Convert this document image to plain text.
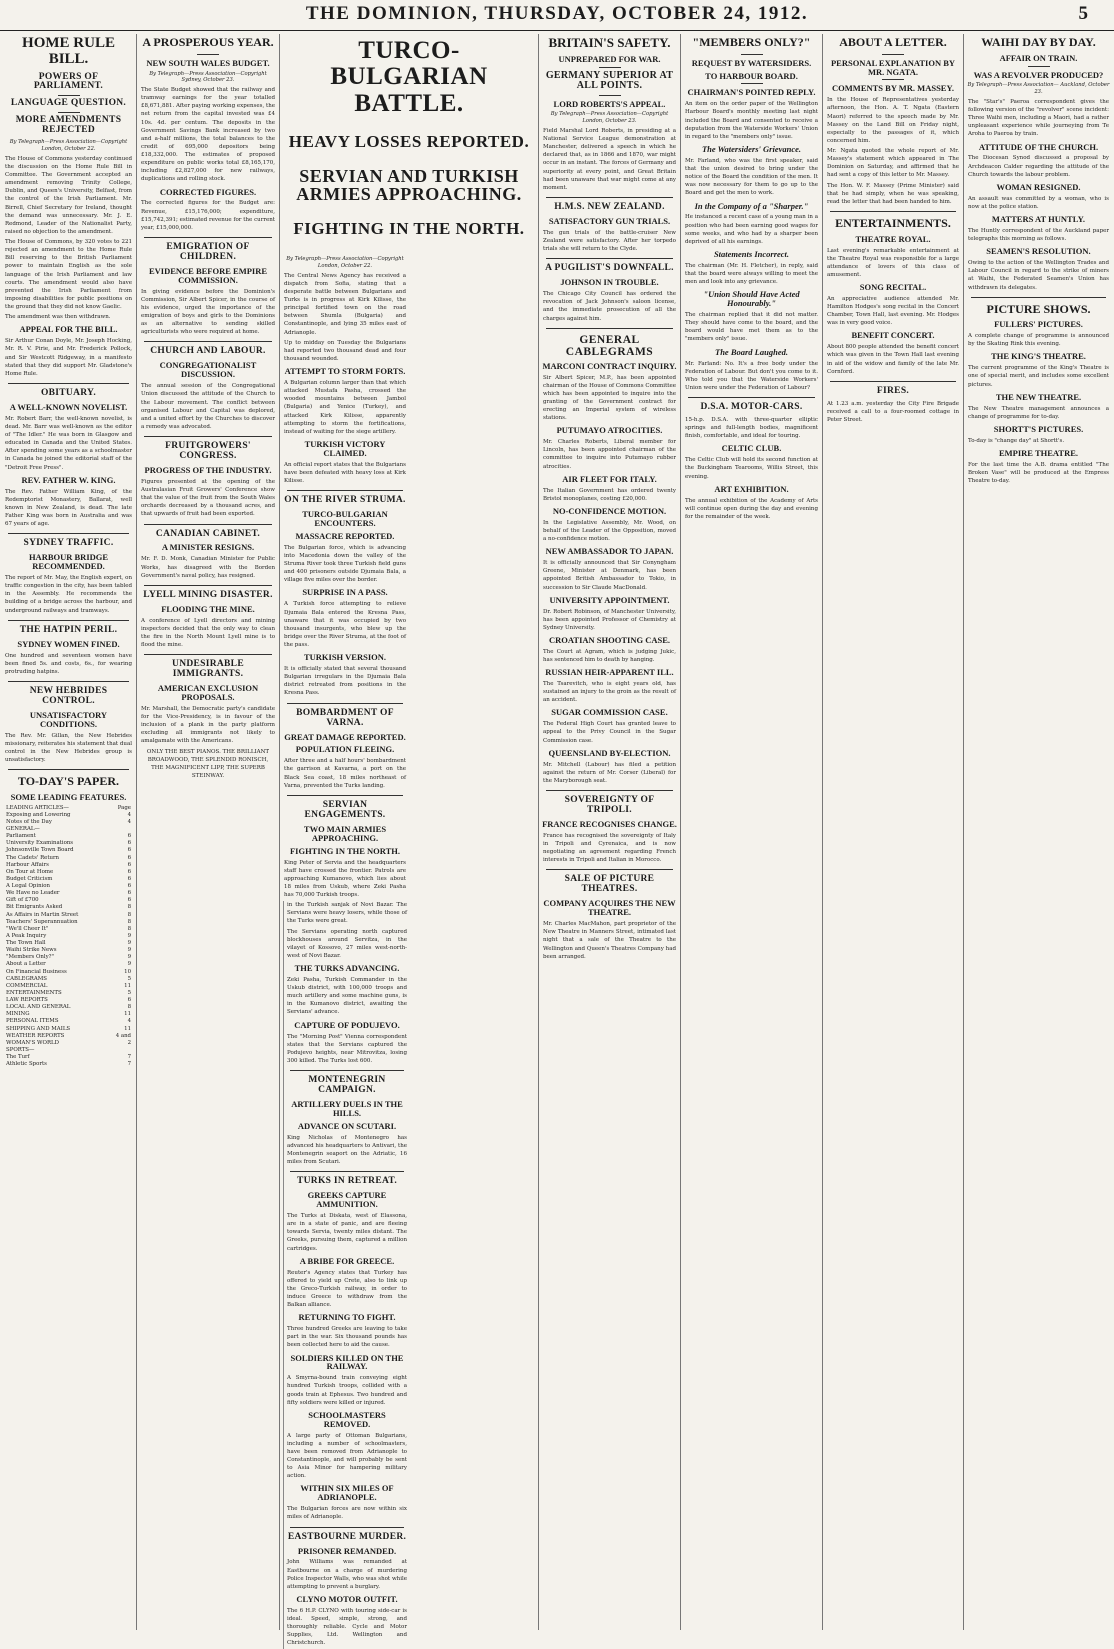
THE DOMINION, THURSDAY, OCTOBER 24, 1912.	5
HOME RULE BILL.
POWERS OF PARLIAMENT.
LANGUAGE QUESTION.
MORE AMENDMENTS REJECTED
By Telegraph—Press Association—Copyright London, October 22.

The House of Commons yesterday continued the discussion on the Home Rule Bill in Committee. The Government accepted an amendment removing Trinity College, Dublin, and Queen's University, Belfast, from the control of the Irish Parliament. Mr. Birrell, Chief Secretary for Ireland, thought the demand was unnecessary. Mr. J. E. Redmond, Leader of the Nationalist Party, raised no objection to the amendment.

The House of Commons, by 320 votes to 221 rejected an amendment to the Home Rule Bill reserving to the British Parliament power to maintain English as the sole language of the Irish Parliament and law courts. The amendment would also have prevented the Irish Parliament from imposing disabilities for public positions on the ground that they did not know Gaelic.

The amendment was then withdrawn.

APPEAL FOR THE BILL.

Sir Arthur Conan Doyle, Mr. Joseph Hocking, Mr. R. V. Pirie, and Mr. Frederick Pollock, and Sir Westcott Ridgeway, in a manifesto stated that they did support Mr. Gladstone's Home Rule.

OBITUARY.
A WELL-KNOWN NOVELIST.

Mr. Robert Barr, the well-known novelist, is dead. Mr. Barr was well-known as the editor of "The Idler." He was born in Glasgow and educated in Canada and the United States. After spending some years as a schoolmaster in Canada he joined the editorial staff of the "Detroit Free Press".

REV. FATHER W. KING.

The Rev. Father William King, of the Redemptorist Monastery, Ballarat, well known in New Zealand, is dead. The late Father King was born in Australia and was 67 years of age.

SYDNEY TRAFFIC.
HARBOUR BRIDGE RECOMMENDED.

The report of Mr. May, the English expert, on traffic congestion in the city, has been tabled in the Assembly. He recommends the building of a bridge across the harbour, and underground railways and tramways.

THE HATPIN PERIL.
SYDNEY WOMEN FINED.

One hundred and seventeen women have been fined 5s. and costs, 6s., for wearing protruding hatpins.

NEW HEBRIDES CONTROL.
UNSATISFACTORY CONDITIONS.

The Rev. Mr. Gillan, the New Hebrides missionary, reiterates his statement that dual control in the New Hebrides group is unsatisfactory.

TO-DAY'S PAPER.
SOME LEADING FEATURES.
LEADING ARTICLES—	Page
Exposing and Lowering	4
Notes of the Day	4
GENERAL—
Parliament	6
University Examinations	6
Johnsonville Town Board	6
The Cadets' Return	6
Harbour Affairs	6
On Tour at Home	6
Budget Criticism	6
A Legal Opinion	6
We Have no Leader	6
Gift of £700	6
Bit Emigrants Asked	8
As Affairs in Martin Street	8
Teachers' Superannuation	8
"We'll Cheer It"	8
A Peak Inquiry	9
The Town Hall	9
Waihi Strike News	9
"Members Only?"	9
About a Letter	9
On Financial Business	10
CABLEGRAMS	5
COMMERCIAL	11
ENTERTAINMENTS	5
LAW REPORTS	6
LOCAL AND GENERAL	8
MINING	11
PERSONAL ITEMS	4
SHIPPING AND MAILS	11
WEATHER REPORTS	4 and
WOMAN'S WORLD	2
SPORTS—
The Turf	7
Athletic Sports	7
A PROSPEROUS YEAR.
NEW SOUTH WALES BUDGET.
By Telegraph—Press Association—Copyright Sydney, October 23.

The State Budget showed that the railway and tramway earnings for the year totalled £8,671,881. After paying working expenses, the net return from the capital invested was £4 10s. 4d. per centum. The deposits in the Government Savings Bank increased by two and a-half millions, the total balances to the credit of 695,000 depositors being £18,332,000. The estimates of proposed expenditure on public works total £8,165,170, including £2,827,000 for new railways, duplications and rolling stock.

CORRECTED FIGURES.

The corrected figures for the Budget are: Revenue, £15,176,000; expenditure, £15,742,391; estimated revenue for the current year, £15,000,000.

EMIGRATION OF CHILDREN.
EVIDENCE BEFORE EMPIRE COMMISSION.

In giving evidence before the Dominion's Commission, Sir Albert Spicer, in the course of his evidence, urged the importance of the emigration of boys and girls to the Dominions as an alternative to sending skilled agriculturists who were required at home.

CHURCH AND LABOUR.
CONGREGATIONALIST DISCUSSION.

The annual session of the Congregational Union discussed the attitude of the Church to the Labour movement. The conflict between organised Labour and Capital was deplored, and a united effort by the Churches to discover a remedy was advocated.

FRUITGROWERS' CONGRESS.
PROGRESS OF THE INDUSTRY.

Figures presented at the opening of the Australasian Fruit Growers' Conference show that the value of the fruit from the South Wales orchards decreased by a thousand acres, and that upwards of fruit had been exported.

CANADIAN CABINET.
A MINISTER RESIGNS.

Mr. F. D. Monk, Canadian Minister for Public Works, has disagreed with the Borden Government's naval policy, has resigned.

LYELL MINING DISASTER.
FLOODING THE MINE.

A conference of Lyell directors and mining inspectors decided that the only way to clean the fire in the North Mount Lyell mine is to flood the mine.

UNDESIRABLE IMMIGRANTS.
AMERICAN EXCLUSION PROPOSALS.

Mr. Marshall, the Democratic party's candidate for the Vice-Presidency, is in favour of the inclusion of a plank in the party platform excluding all immigrants not likely to amalgamate with the Americans.

ONLY THE BEST PIANOS. THE BRILLIANT BROADWOOD, THE SPLENDID RONISCH, THE MAGNIFICENT LIPP, THE SUPERB STEINWAY.

TURCO-BULGARIAN BATTLE.
HEAVY LOSSES REPORTED.
SERVIAN AND TURKISH ARMIES APPROACHING.
FIGHTING IN THE NORTH.
By Telegraph—Press Association—Copyright London, October 22.

The Central News Agency has received a dispatch from Sofia, stating that a desperate battle between Bulgarians and Turks is in progress at Kirk Kilisse, the principal fortified town on the road between Shumla (Bulgaria) and Constantinople, and lying 35 miles east of Adrianople.

Up to midday on Tuesday the Bulgarians had reported two thousand dead and four thousand wounded.

ATTEMPT TO STORM FORTS.

A Bulgarian column larger than that which attacked Mustafa Pasha, crossed the wooded mountains between Jambol (Bulgaria) and Yenice (Turkey), and attacked Kirk Kilisse, apparently attempting to storm the fortifications, instead of waiting for the siege artillery.

TURKISH VICTORY CLAIMED.

An official report states that the Bulgarians have been defeated with heavy loss at Kirk Kilisse.

ON THE RIVER STRUMA.
TURCO-BULGARIAN ENCOUNTERS.
MASSACRE REPORTED.

The Bulgarian force, which is advancing into Macedonia down the valley of the Struma River took three Turkish field guns and 400 prisoners outside Djumaia Bala, a village five miles over the border.

SURPRISE IN A PASS.

A Turkish force attempting to relieve Djumaia Bala entered the Kresna Pass, unaware that it was occupied by two thousand insurgents, who blew up the bridge over the River Struma, at the foot of the pass.

TURKISH VERSION.

It is officially stated that several thousand Bulgarian irregulars in the Djumaia Bala district retreated from positions in the Kresna Pass.

BOMBARDMENT OF VARNA.
GREAT DAMAGE REPORTED.
POPULATION FLEEING.

After three and a half hours' bombardment the garrison at Kavarna, a port on the Black Sea coast, 18 miles northeast of Varna, prevented the Turks landing.

SERVIAN ENGAGEMENTS.
TWO MAIN ARMIES APPROACHING.
FIGHTING IN THE NORTH.

King Peter of Servia and the headquarters staff have crossed the frontier. Patrols are approaching Kumanovo, which lies about 18 miles from Uskub, where Zeki Pasha has 70,000 Turkish troops.

in the Turkish sanjak of Novi Bazar. The Servians were heavy losers, while those of the Turks were great.

The Servians operating north captured blockhouses around Servitza, in the vilayet of Kossovo, 27 miles west-north-west of Novi Bazar.

THE TURKS ADVANCING.

Zeki Pasha, Turkish Commander in the Uskub district, with 100,000 troops and much artillery and some machine guns, is in the Kumanovo district, awaiting the Servians' advance.

CAPTURE OF PODUJEVO.

The "Morning Post" Vienna correspondent states that the Servians captured the Podujevo heights, near Mitrovitza, losing 300 killed. The Turks lost 600.

MONTENEGRIN CAMPAIGN.
ARTILLERY DUELS IN THE HILLS.
ADVANCE ON SCUTARI.

King Nicholas of Montenegro has advanced his headquarters to Antivari, the Montenegrin seaport on the Adriatic, 16 miles from Scutari.

TURKS IN RETREAT.
GREEKS CAPTURE AMMUNITION.

The Turks at Diskata, west of Elassona, are in a state of panic, and are fleeing towards Servia, twenty miles distant. The Greeks, pursuing them, captured a million cartridges.

A BRIBE FOR GREECE.

Reuter's Agency states that Turkey has offered to yield up Crete, also to link up the Greco-Turkish railway, in order to induce Greece to withdraw from the Balkan alliance.

RETURNING TO FIGHT.

Three hundred Greeks are leaving to take part in the war. Six thousand pounds has been collected here to aid the cause.

SOLDIERS KILLED ON THE RAILWAY.

A Smyrna-bound train conveying eight hundred Turkish troops, collided with a goods train at Ephesus. Two hundred and fifty soldiers were killed or injured.

SCHOOLMASTERS REMOVED.

A large party of Ottoman Bulgarians, including a number of schoolmasters, have been removed from Adrianople to Constantinople, and will probably be sent to Asia Minor for hampering military action.

WITHIN SIX MILES OF ADRIANOPLE.

The Bulgarian forces are now within six miles of Adrianople.

EASTBOURNE MURDER.
PRISONER REMANDED.

John Williams was remanded at Eastbourne on a charge of murdering Police Inspector Walls, who was shot while attempting to prevent a burglary.

CLYNO MOTOR OUTFIT.

The 6 H.P. CLYNO with touring side-car is ideal. Speed, simple, strong, and thoroughly reliable. Cycle and Motor Supplies, Ltd. Wellington and Christchurch.

BRITAIN'S SAFETY.
UNPREPARED FOR WAR.
GERMANY SUPERIOR AT ALL POINTS.
LORD ROBERTS'S APPEAL.
By Telegraph—Press Association—Copyright London, October 23.

Field Marshal Lord Roberts, in presiding at a National Service League demonstration at Manchester, delivered a speech in which he declared that, as in 1866 and 1870, war might occur in an instant. The forces of Germany and superiority at every point, and Great Britain had been unaware that war might come at any moment.

H.M.S. NEW ZEALAND.
SATISFACTORY GUN TRIALS.

The gun trials of the battle-cruiser New Zealand were satisfactory. After her torpedo trials she will return to the Clyde.

A PUGILIST'S DOWNFALL.
JOHNSON IN TROUBLE.

The Chicago City Council has ordered the revocation of Jack Johnson's saloon license, and the immediate prosecution of all the charges against him.

GENERAL CABLEGRAMS
MARCONI CONTRACT INQUIRY.

Sir Albert Spicer, M.P., has been appointed chairman of the House of Commons Committee which has been appointed to inquire into the granting of the Government contract for erecting an Imperial system of wireless stations.

PUTUMAYO ATROCITIES.

Mr. Charles Roberts, Liberal member for Lincoln, has been appointed chairman of the committee to inquire into Putumayo rubber atrocities.

AIR FLEET FOR ITALY.

The Italian Government has ordered twenty Bristol monoplanes, costing £20,000.

NO-CONFIDENCE MOTION.

In the Legislative Assembly, Mr. Wood, on behalf of the Leader of the Opposition, moved a no-confidence motion.

NEW AMBASSADOR TO JAPAN.

It is officially announced that Sir Conyngham Greene, Minister at Denmark, has been appointed British Ambassador to Tokio, in succession to Sir Claude MacDonald.

UNIVERSITY APPOINTMENT.

Dr. Robert Robinson, of Manchester University, has been appointed Professor of Chemistry at Sydney University.

CROATIAN SHOOTING CASE.

The Court at Agram, which is judging Jukic, has sentenced him to death by hanging.

RUSSIAN HEIR-APPARENT ILL.

The Tsarevitch, who is eight years old, has sustained an injury to the groin as the result of an accident.

SUGAR COMMISSION CASE.

The Federal High Court has granted leave to appeal to the Privy Council in the Sugar Commission case.

QUEENSLAND BY-ELECTION.

Mr. Mitchell (Labour) has filed a petition against the return of Mr. Corser (Liberal) for the Maryborough seat.

SOVEREIGNTY OF TRIPOLI.
FRANCE RECOGNISES CHANGE.

France has recognised the sovereignty of Italy in Tripoli and Cyrenaica, and is now negotiating an agreement regarding French interests in Tripoli and Italian in Morocco.

SALE OF PICTURE THEATRES.
COMPANY ACQUIRES THE NEW THEATRE.

Mr. Charles MacMahon, part proprietor of the New Theatre in Manners Street, intimated last night that a sale of the Theatre to the Wellington and Queen's Theatres Company had been arranged.

"MEMBERS ONLY?"
REQUEST BY WATERSIDERS.
TO HARBOUR BOARD.
CHAIRMAN'S POINTED REPLY.

An item on the order paper of the Wellington Harbour Board's monthly meeting last night included the Board and consented to receive a deputation from the Waterside Workers' Union in regard to the "members only" issue.

The Watersiders' Grievance.

Mr. Farland, who was the first speaker, said that the union desired to bring under the notice of the Board the condition of the men. It was now necessary for them to go up to the Board and get the men to work.

In the Company of a "Sharper."

He instanced a recent case of a young man in a position who had been earning good wages for some weeks, and who had by a sharper been deprived of all his earnings.

Statements Incorrect.

The chairman (Mr. H. Fletcher), in reply, said that the board were always willing to meet the men and look into any grievance.

"Union Should Have Acted Honourably."

The chairman replied that it did not matter. They should have come to the board, and the board would have met them as to the "members only" issue.

The Board Laughed.

Mr. Farland: No. It's a free body under the Federation of Labour. But don't you come to it. Who told you that the Waterside Workers' Union were under the Federation of Labour?

D.S.A. MOTOR-CARS.

15-h.p. D.S.A. with three-quarter elliptic springs and full-length bodies, magnificent finish, comfortable, and ideal for touring.

CELTIC CLUB.

The Celtic Club will hold its second function at the Buckingham Tearooms, Willis Street, this evening.

ART EXHIBITION.

The annual exhibition of the Academy of Arts will continue open during the day and evening for the remainder of the week.

ABOUT A LETTER.
PERSONAL EXPLANATION BY MR. NGATA.
COMMENTS BY MR. MASSEY.

In the House of Representatives yesterday afternoon, the Hon. A. T. Ngata (Eastern Maori) referred to the speech made by Mr. Massey on the Land Bill on Friday night, especially to the passages of it, which concerned him.

Mr. Ngata quoted the whole report of Mr. Massey's statement which appeared in The Dominion on Saturday, and affirmed that he had sent a copy of this letter to Mr. Massey.

The Hon. W. F. Massey (Prime Minister) said that he had simply, when he was speaking, read the letter that had been handed to him.

ENTERTAINMENTS.
THEATRE ROYAL.

Last evening's remarkable entertainment at the Theatre Royal was responsible for a large attendance of lovers of this class of amusement.

SONG RECITAL.

An appreciative audience attended Mr. Hamilton Hodges's song recital in the Concert Chamber, Town Hall, last evening. Mr. Hodges was in very good voice.

BENEFIT CONCERT.

About 800 people attended the benefit concert which was given in the Town Hall last evening in aid of the widow and family of the late Mr. Cornford.

FIRES.

At 1.23 a.m. yesterday the City Fire Brigade received a call to a four-roomed cottage in Peter Street.

WAIHI DAY BY DAY.
AFFAIR ON TRAIN.
WAS A REVOLVER PRODUCED?
By Telegraph—Press Association— Auckland, October 23.

The "Star's" Paeroa correspondent gives the following version of the "revolver" scene incident: Three Waihi men, including a Maori, had a rather unpleasant experience while journeying from Te Aroha to Paeroa by train.

ATTITUDE OF THE CHURCH.

The Diocesan Synod discussed a proposal by Archdeacon Calder regarding the attitude of the Church towards the labour problem.

WOMAN RESIGNED.

An assault was committed by a woman, who is now at the police station.

MATTERS AT HUNTLY.

The Huntly correspondent of the Auckland paper telegraphs this morning as follows.

SEAMEN'S RESOLUTION.

Owing to the action of the Wellington Trades and Labour Council in regard to the strike of miners at Waihi, the Federated Seamen's Union has withdrawn its delegates.

PICTURE SHOWS.
FULLERS' PICTURES.

A complete change of programme is announced by the Skating Rink this evening.

THE KING'S THEATRE.

The current programme of the King's Theatre is one of special merit, and includes some excellent pictures.

THE NEW THEATRE.

The New Theatre management announces a change of programme for to-day.

SHORTT'S PICTURES.

To-day is "change day" at Shortt's.

EMPIRE THEATRE.

For the last time the A.B. drama entitled "The Broken Vase" will be produced at the Empress Theatre to-day.
